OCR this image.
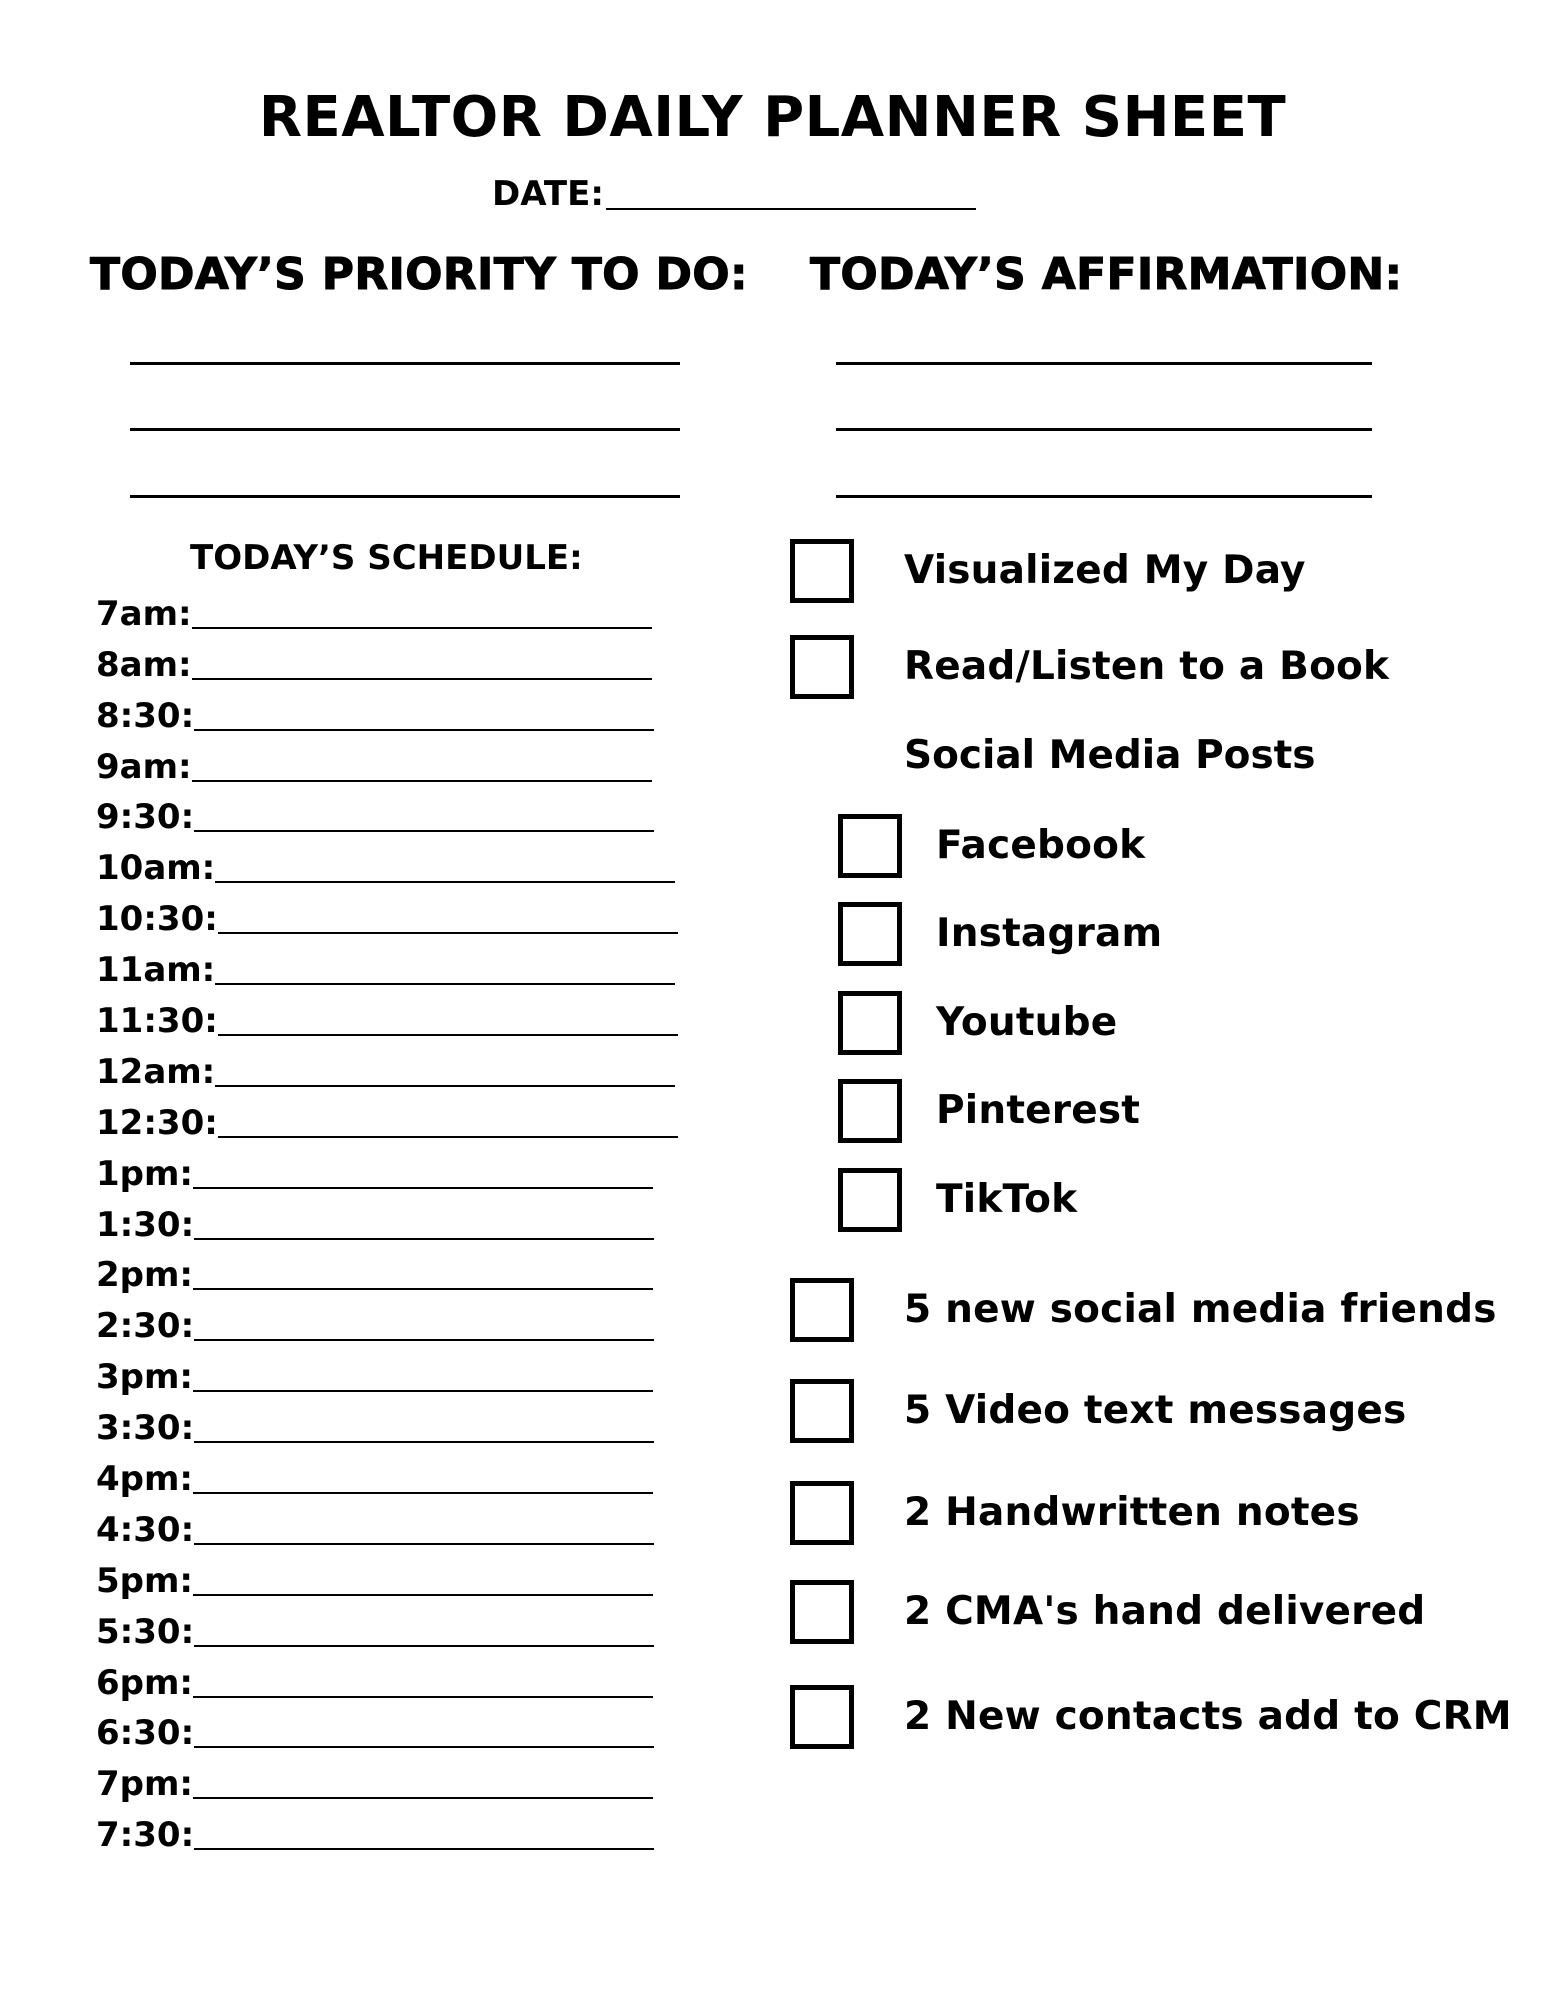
REALTOR DAILY PLANNER SHEET
DATE:
TODAY’S PRIORITY TO DO: TODAY’S AFFIRMATION:
TODAY’S SCHEDULE:
7am:
8am:
8:30:
9am:
9:30:
10am:
10:30:
11am:
11:30:
12am:
12:30:
1pm:
1:30:
2pm:
2:30:
3pm:
3:30:
4pm:
4:30:
5pm:
5:30:
6pm:
6:30:
7pm:
7:30:
Visualized My Day
Read/Listen to a Book
Social Media Posts
Facebook
Instagram
Youtube
Pinterest
TikTok
5 new social media friends
5 Video text messages
2 Handwritten notes
2 CMA's hand delivered
2 New contacts add to CRM
